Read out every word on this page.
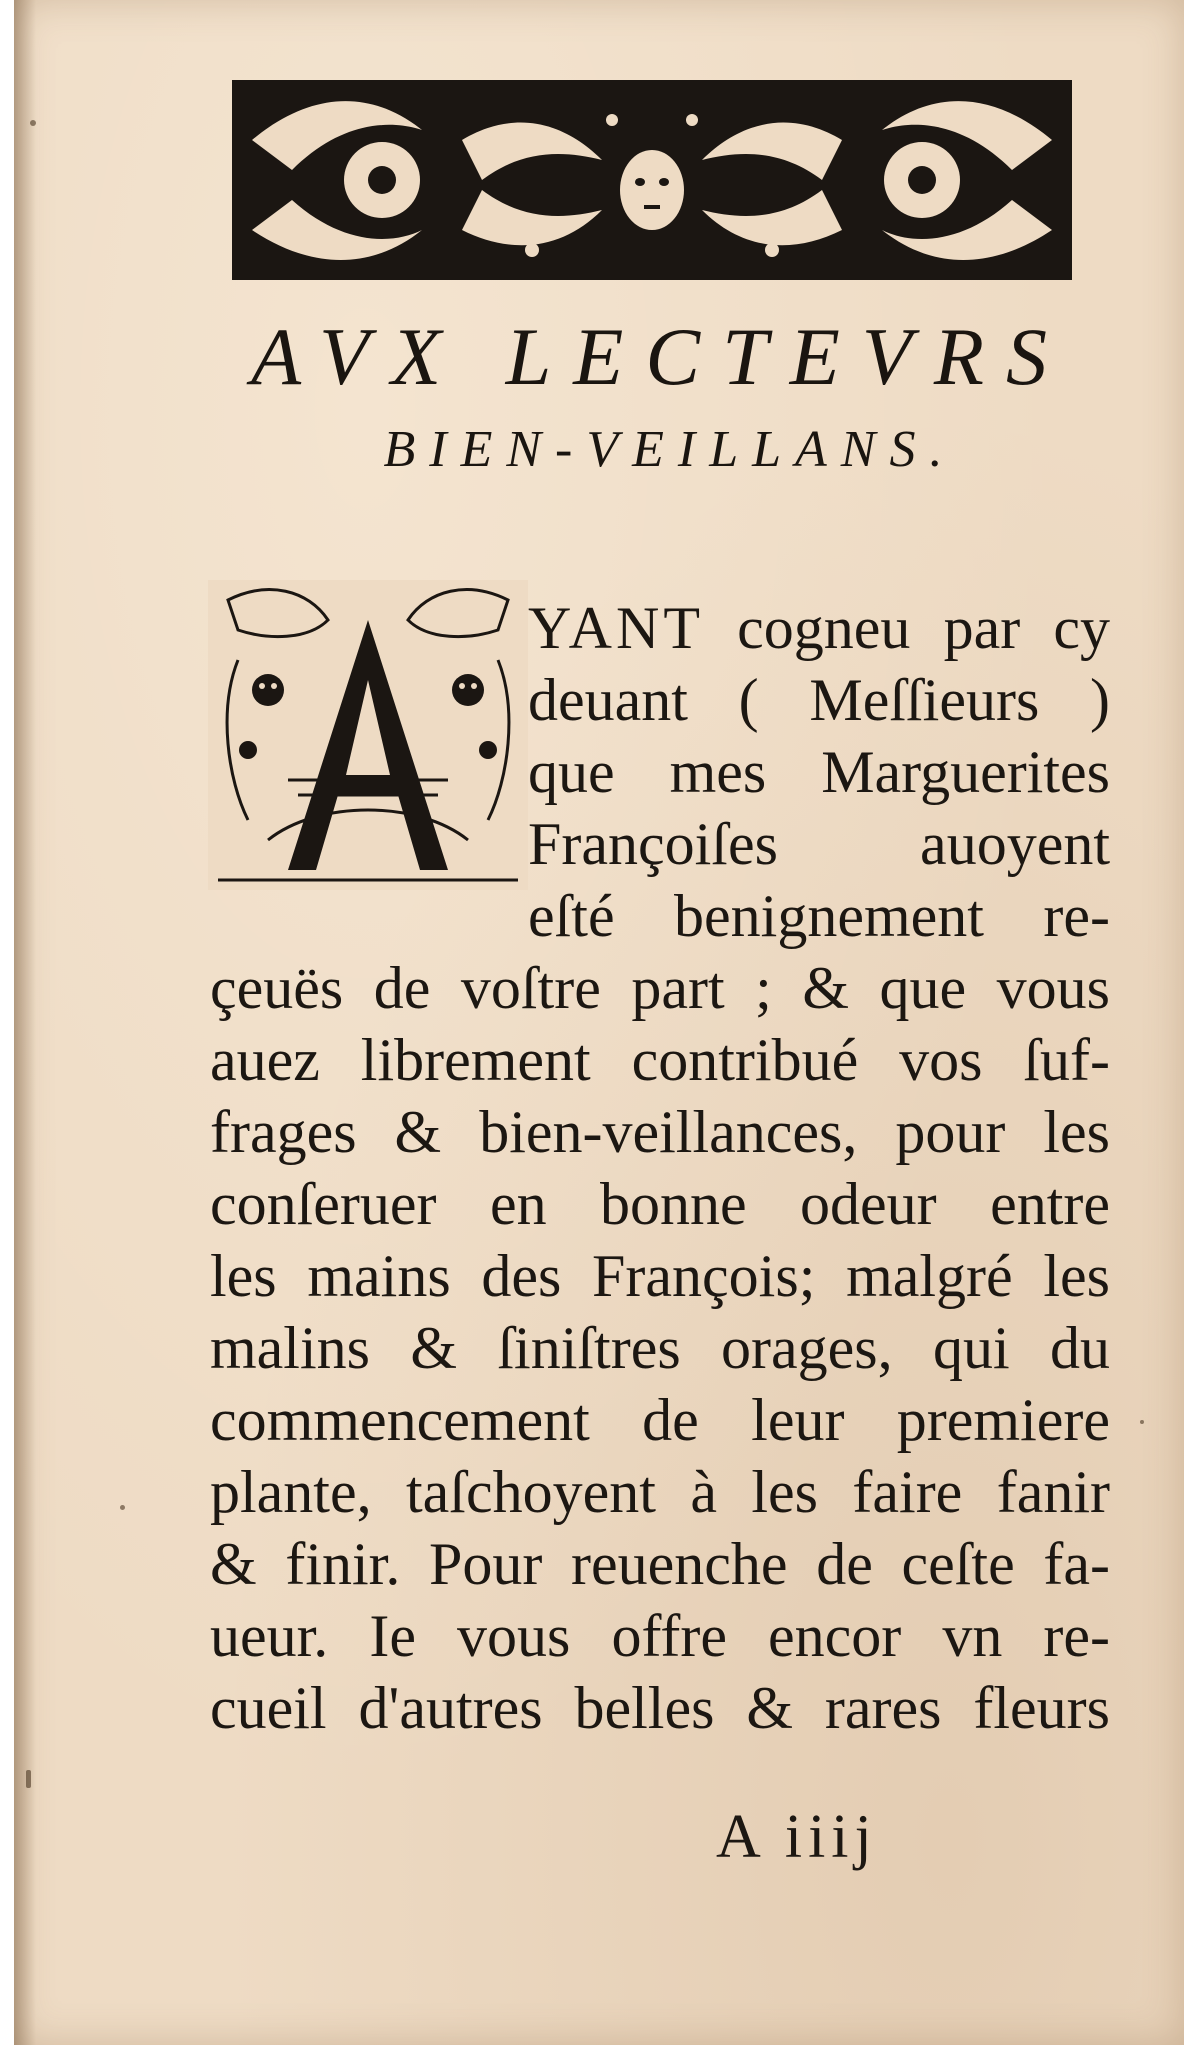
AVX LECTEVRS
BIEN-VEILLANS.
YANT cogneu par cy
deuant ( Meſſieurs )
que mes Marguerites
Françoiſes auoyent
eſté benignement re-
çeuës de voſtre part ; & que vous
auez librement contribué vos ſuf-
frages & bien-veillances, pour les
conſeruer en bonne odeur entre
les mains des François; malgré les
malins & ſiniſtres orages, qui du
commencement de leur premiere
plante, taſchoyent à les faire fanir
& finir. Pour reuenche de ceſte fa-
ueur. Ie vous offre encor vn re-
cueil d'autres belles & rares fleurs
A iiij
